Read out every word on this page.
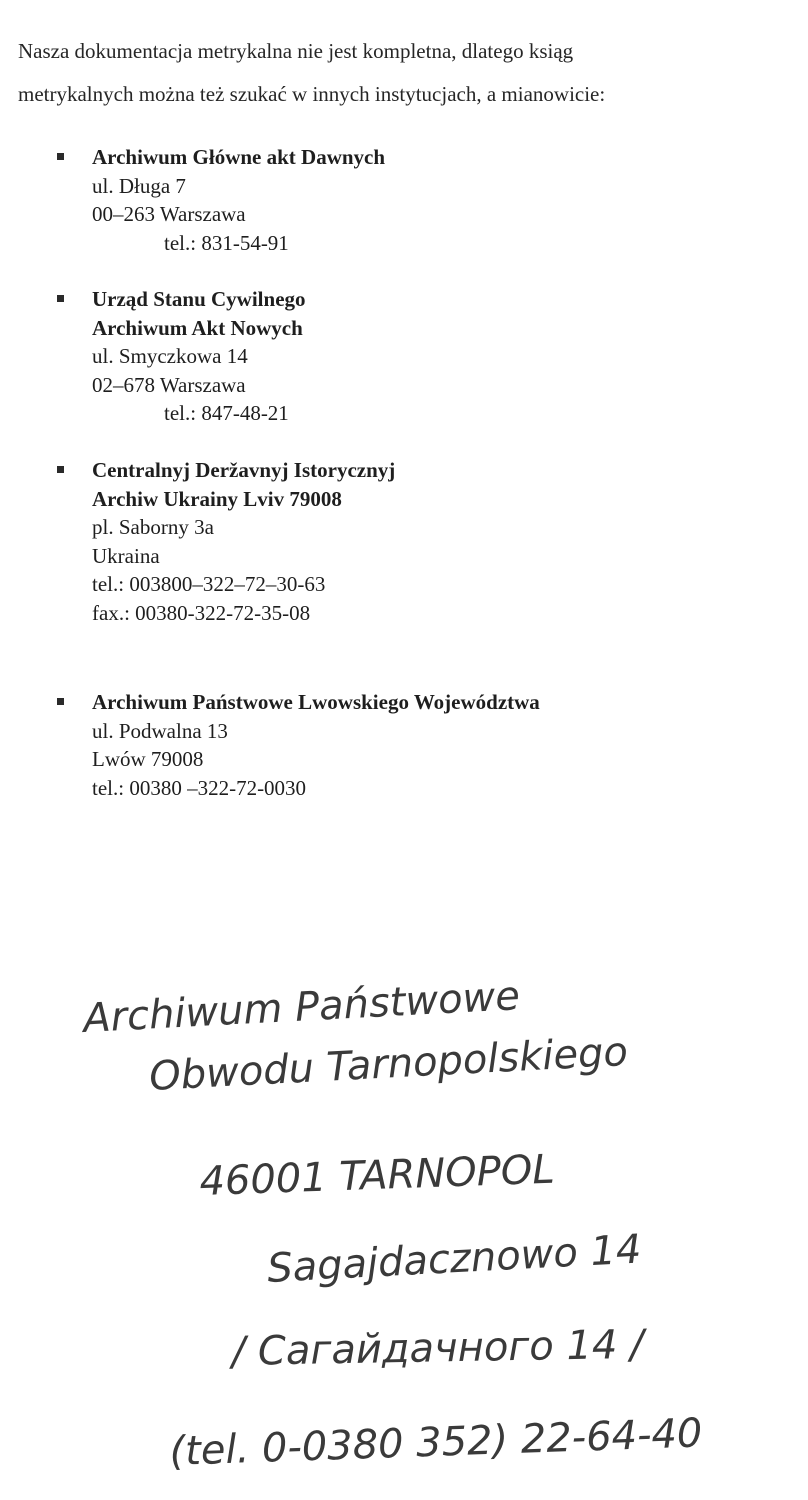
Nasza dokumentacja metrykalna nie jest kompletna, dlatego ksiąg

metrykalnych można też szukać w innych instytucjach, a mianowicie:

Archiwum Główne akt Dawnych
ul. Długa 7
00–263 Warszawa
tel.: 831-54-91
Urząd Stanu Cywilnego
Archiwum Akt Nowych
ul. Smyczkowa 14
02–678 Warszawa
tel.: 847-48-21
Centralnyj Deržavnyj Istorycznyj
Archiw Ukrainy Lviv 79008
pl. Saborny 3a
Ukraina
tel.: 003800–322–72–30-63
fax.: 00380-322-72-35-08
Archiwum Państwowe Lwowskiego Województwa
ul. Podwalna 13
Lwów 79008
tel.: 00380 –322-72-0030
Archiwum Państwowe
Obwodu Tarnopolskiego
46001 TARNOPOL
Sagajdacznowo 14
/ Сагайдачного 14 /
(tel. 0-0380 352) 22-64-40
